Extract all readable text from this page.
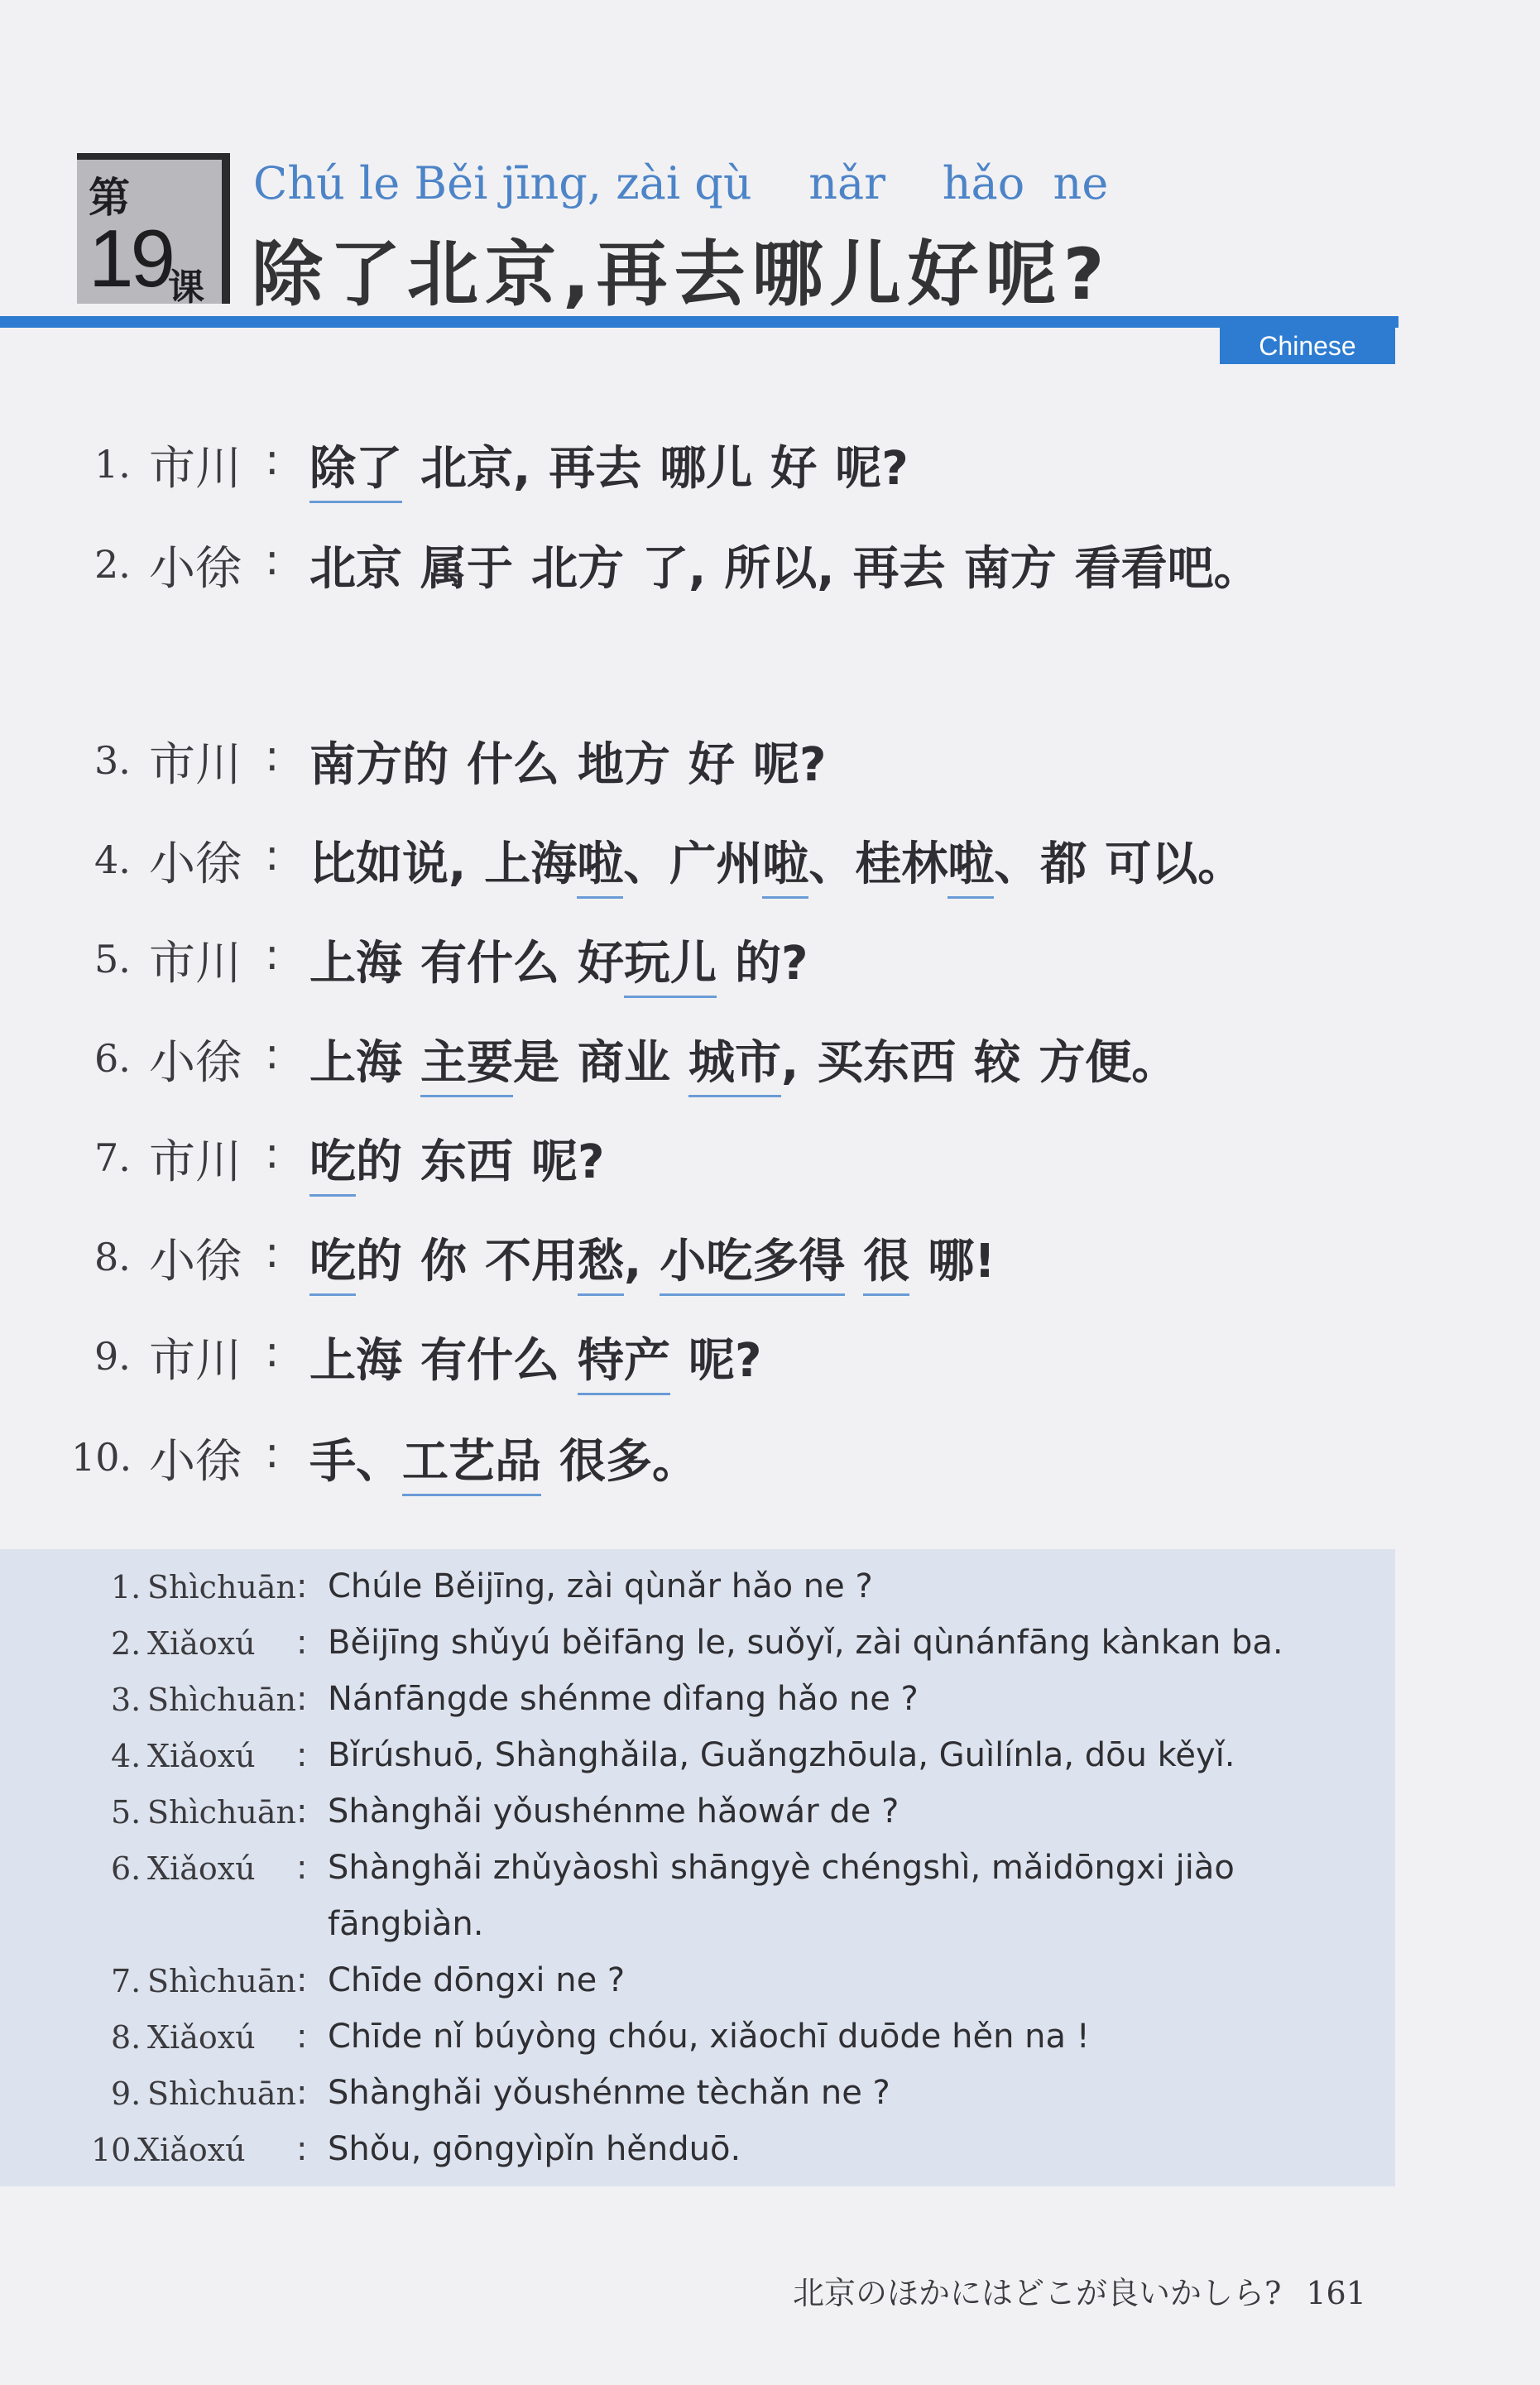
第
19
课
Chú le Běi jīng, zài qù    nǎr    hǎo  ne
除了北京,再去哪儿好呢?
Chinese
1. 市川 : 除了 北京, 再去 哪儿 好 呢?
2. 小徐 : 北京 属于 北方 了, 所以, 再去 南方 看看吧。
3. 市川 : 南方的 什么 地方 好 呢?
4. 小徐 : 比如说, 上海啦、广州啦、桂林啦、都 可以。
5. 市川 : 上海 有什么 好玩儿 的?
6. 小徐 : 上海 主要是 商业 城市, 买东西 较 方便。
7. 市川 : 吃的 东西 呢?
8. 小徐 : 吃的 你 不用愁, 小吃多得 很 哪!
9. 市川 : 上海 有什么 特产 呢?
10. 小徐 : 手、工艺品 很多。
1. Shìchuān : Chúle Běijīng, zài qùnǎr hǎo ne ?
2. Xiǎoxú : Běijīng shǔyú běifāng le, suǒyǐ, zài qùnánfāng kànkan ba.
3. Shìchuān : Nánfāngde shénme dìfang hǎo ne ?
4. Xiǎoxú : Bǐrúshuō, Shànghǎila, Guǎngzhōula, Guìlínla, dōu kěyǐ.
5. Shìchuān : Shànghǎi yǒushénme hǎowár de ?
6. Xiǎoxú : Shànghǎi zhǔyàoshì shāngyè chéngshì, mǎidōngxi jiào
fāngbiàn.
7. Shìchuān : Chīde dōngxi ne ?
8. Xiǎoxú : Chīde nǐ búyòng chóu, xiǎochī duōde hěn na !
9. Shìchuān : Shànghǎi yǒushénme tèchǎn ne ?
10.
Xiǎoxú : Shǒu, gōngyìpǐn hěnduō.
北京のほかにはどこが良いかしら? 161
